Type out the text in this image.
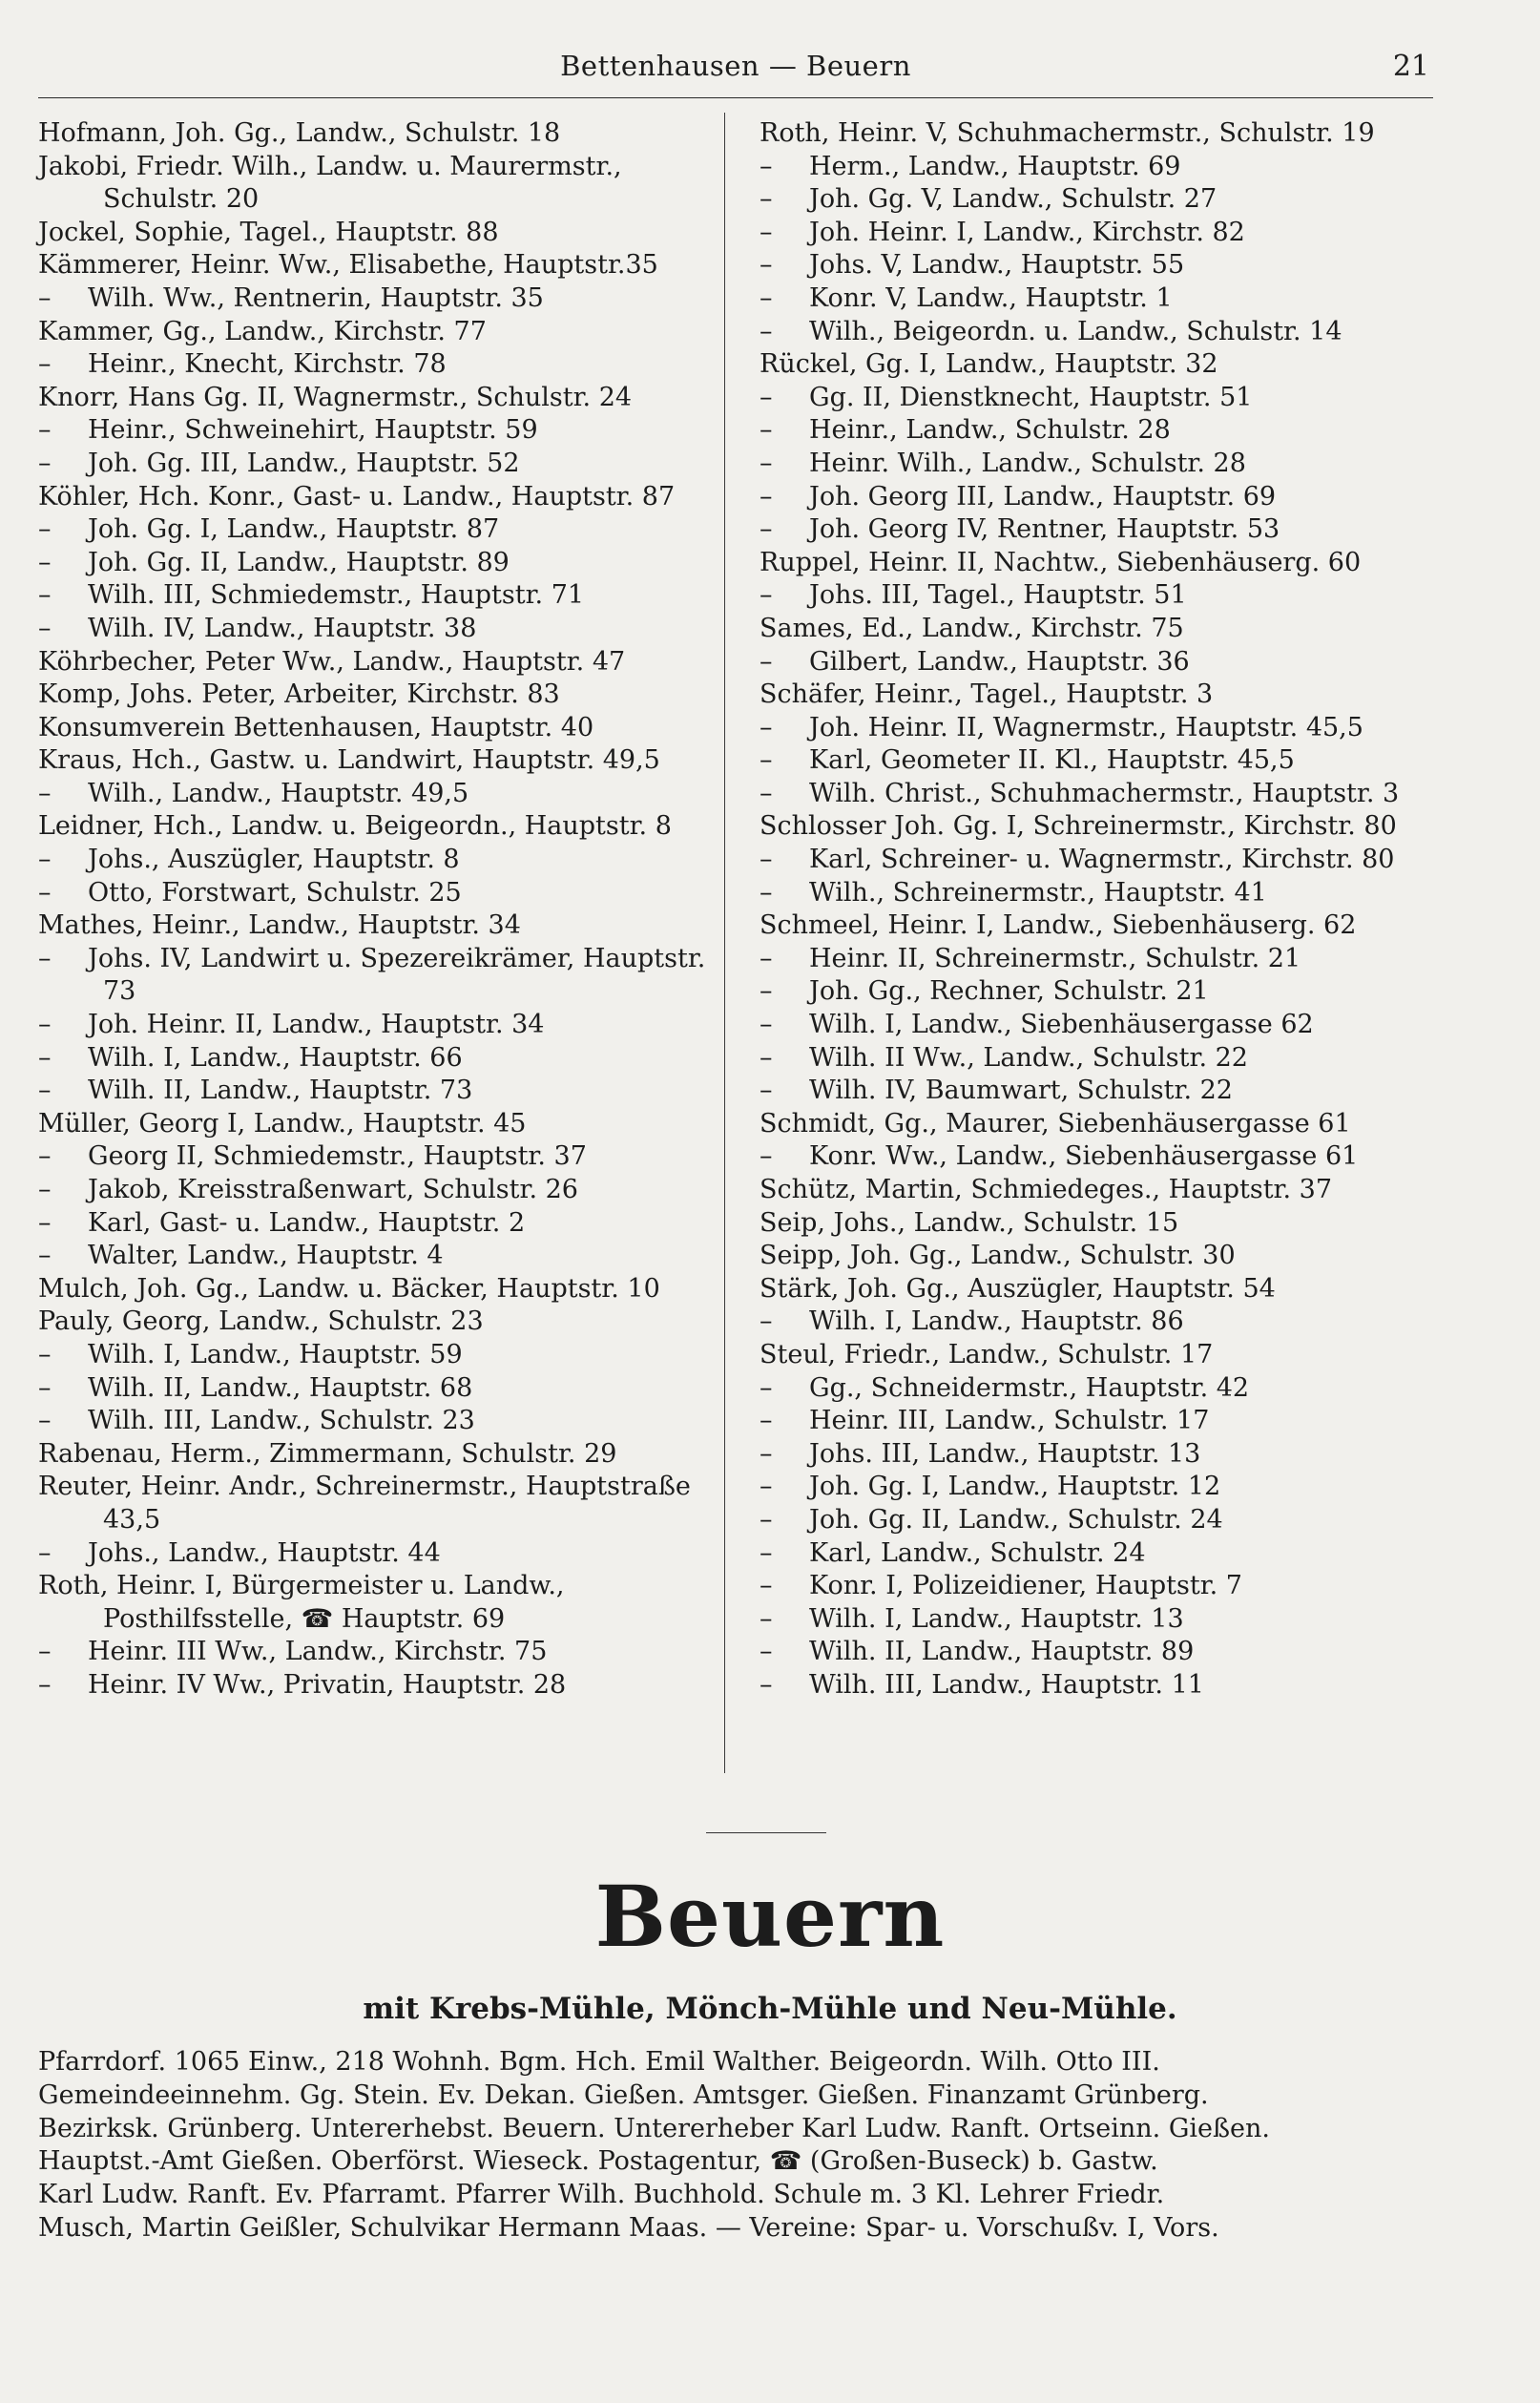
Bettenhausen — Beuern	21
Hofmann, Joh. Gg., Landw., Schulstr. 18
Jakobi, Friedr. Wilh., Landw. u. Maurermstr., Schulstr. 20
Jockel, Sophie, Tagel., Hauptstr. 88
Kämmerer, Heinr. Ww., Elisabethe, Hauptstr.35
– Wilh. Ww., Rentnerin, Hauptstr. 35
Kammer, Gg., Landw., Kirchstr. 77
– Heinr., Knecht, Kirchstr. 78
Knorr, Hans Gg. II, Wagnermstr., Schulstr. 24
– Heinr., Schweinehirt, Hauptstr. 59
– Joh. Gg. III, Landw., Hauptstr. 52
Köhler, Hch. Konr., Gast- u. Landw., Hauptstr. 87
– Joh. Gg. I, Landw., Hauptstr. 87
– Joh. Gg. II, Landw., Hauptstr. 89
– Wilh. III, Schmiedemstr., Hauptstr. 71
– Wilh. IV, Landw., Hauptstr. 38
Köhrbecher, Peter Ww., Landw., Hauptstr. 47
Komp, Johs. Peter, Arbeiter, Kirchstr. 83
Konsumverein Bettenhausen, Hauptstr. 40
Kraus, Hch., Gastw. u. Landwirt, Hauptstr. 49,5
– Wilh., Landw., Hauptstr. 49,5
Leidner, Hch., Landw. u. Beigeordn., Hauptstr. 8
– Johs., Auszügler, Hauptstr. 8
– Otto, Forstwart, Schulstr. 25
Mathes, Heinr., Landw., Hauptstr. 34
– Johs. IV, Landwirt u. Spezereikrämer, Hauptstr. 73
– Joh. Heinr. II, Landw., Hauptstr. 34
– Wilh. I, Landw., Hauptstr. 66
– Wilh. II, Landw., Hauptstr. 73
Müller, Georg I, Landw., Hauptstr. 45
– Georg II, Schmiedemstr., Hauptstr. 37
– Jakob, Kreisstraßenwart, Schulstr. 26
– Karl, Gast- u. Landw., Hauptstr. 2
– Walter, Landw., Hauptstr. 4
Mulch, Joh. Gg., Landw. u. Bäcker, Hauptstr. 10
Pauly, Georg, Landw., Schulstr. 23
– Wilh. I, Landw., Hauptstr. 59
– Wilh. II, Landw., Hauptstr. 68
– Wilh. III, Landw., Schulstr. 23
Rabenau, Herm., Zimmermann, Schulstr. 29
Reuter, Heinr. Andr., Schreinermstr., Hauptstraße 43,5
– Johs., Landw., Hauptstr. 44
Roth, Heinr. I, Bürgermeister u. Landw., Posthilfsstelle, ☎ Hauptstr. 69
– Heinr. III Ww., Landw., Kirchstr. 75
– Heinr. IV Ww., Privatin, Hauptstr. 28
Roth, Heinr. V, Schuhmachermstr., Schulstr. 19
– Herm., Landw., Hauptstr. 69
– Joh. Gg. V, Landw., Schulstr. 27
– Joh. Heinr. I, Landw., Kirchstr. 82
– Johs. V, Landw., Hauptstr. 55
– Konr. V, Landw., Hauptstr. 1
– Wilh., Beigeordn. u. Landw., Schulstr. 14
Rückel, Gg. I, Landw., Hauptstr. 32
– Gg. II, Dienstknecht, Hauptstr. 51
– Heinr., Landw., Schulstr. 28
– Heinr. Wilh., Landw., Schulstr. 28
– Joh. Georg III, Landw., Hauptstr. 69
– Joh. Georg IV, Rentner, Hauptstr. 53
Ruppel, Heinr. II, Nachtw., Siebenhäuserg. 60
– Johs. III, Tagel., Hauptstr. 51
Sames, Ed., Landw., Kirchstr. 75
– Gilbert, Landw., Hauptstr. 36
Schäfer, Heinr., Tagel., Hauptstr. 3
– Joh. Heinr. II, Wagnermstr., Hauptstr. 45,5
– Karl, Geometer II. Kl., Hauptstr. 45,5
– Wilh. Christ., Schuhmachermstr., Hauptstr. 3
Schlosser Joh. Gg. I, Schreinermstr., Kirchstr. 80
– Karl, Schreiner- u. Wagnermstr., Kirchstr. 80
– Wilh., Schreinermstr., Hauptstr. 41
Schmeel, Heinr. I, Landw., Siebenhäuserg. 62
– Heinr. II, Schreinermstr., Schulstr. 21
– Joh. Gg., Rechner, Schulstr. 21
– Wilh. I, Landw., Siebenhäusergasse 62
– Wilh. II Ww., Landw., Schulstr. 22
– Wilh. IV, Baumwart, Schulstr. 22
Schmidt, Gg., Maurer, Siebenhäusergasse 61
– Konr. Ww., Landw., Siebenhäusergasse 61
Schütz, Martin, Schmiedeges., Hauptstr. 37
Seip, Johs., Landw., Schulstr. 15
Seipp, Joh. Gg., Landw., Schulstr. 30
Stärk, Joh. Gg., Auszügler, Hauptstr. 54
– Wilh. I, Landw., Hauptstr. 86
Steul, Friedr., Landw., Schulstr. 17
– Gg., Schneidermstr., Hauptstr. 42
– Heinr. III, Landw., Schulstr. 17
– Johs. III, Landw., Hauptstr. 13
– Joh. Gg. I, Landw., Hauptstr. 12
– Joh. Gg. II, Landw., Schulstr. 24
– Karl, Landw., Schulstr. 24
– Konr. I, Polizeidiener, Hauptstr. 7
– Wilh. I, Landw., Hauptstr. 13
– Wilh. II, Landw., Hauptstr. 89
– Wilh. III, Landw., Hauptstr. 11
Beuern
mit Krebs-Mühle, Mönch-Mühle und Neu-Mühle.
Pfarrdorf. 1065 Einw., 218 Wohnh. Bgm. Hch. Emil Walther. Beigeordn. Wilh. Otto III.
Gemeindeeinnehm. Gg. Stein. Ev. Dekan. Gießen. Amtsger. Gießen. Finanzamt Grünberg.
Bezirksk. Grünberg. Untererhebst. Beuern. Untererheber Karl Ludw. Ranft. Ortseinn. Gießen.
Hauptst.-Amt Gießen. Oberförst. Wieseck. Postagentur, ☎ (Großen-Buseck) b. Gastw.
Karl Ludw. Ranft. Ev. Pfarramt. Pfarrer Wilh. Buchhold. Schule m. 3 Kl. Lehrer Friedr.
Musch, Martin Geißler, Schulvikar Hermann Maas. — Vereine: Spar- u. Vorschußv. I, Vors.
